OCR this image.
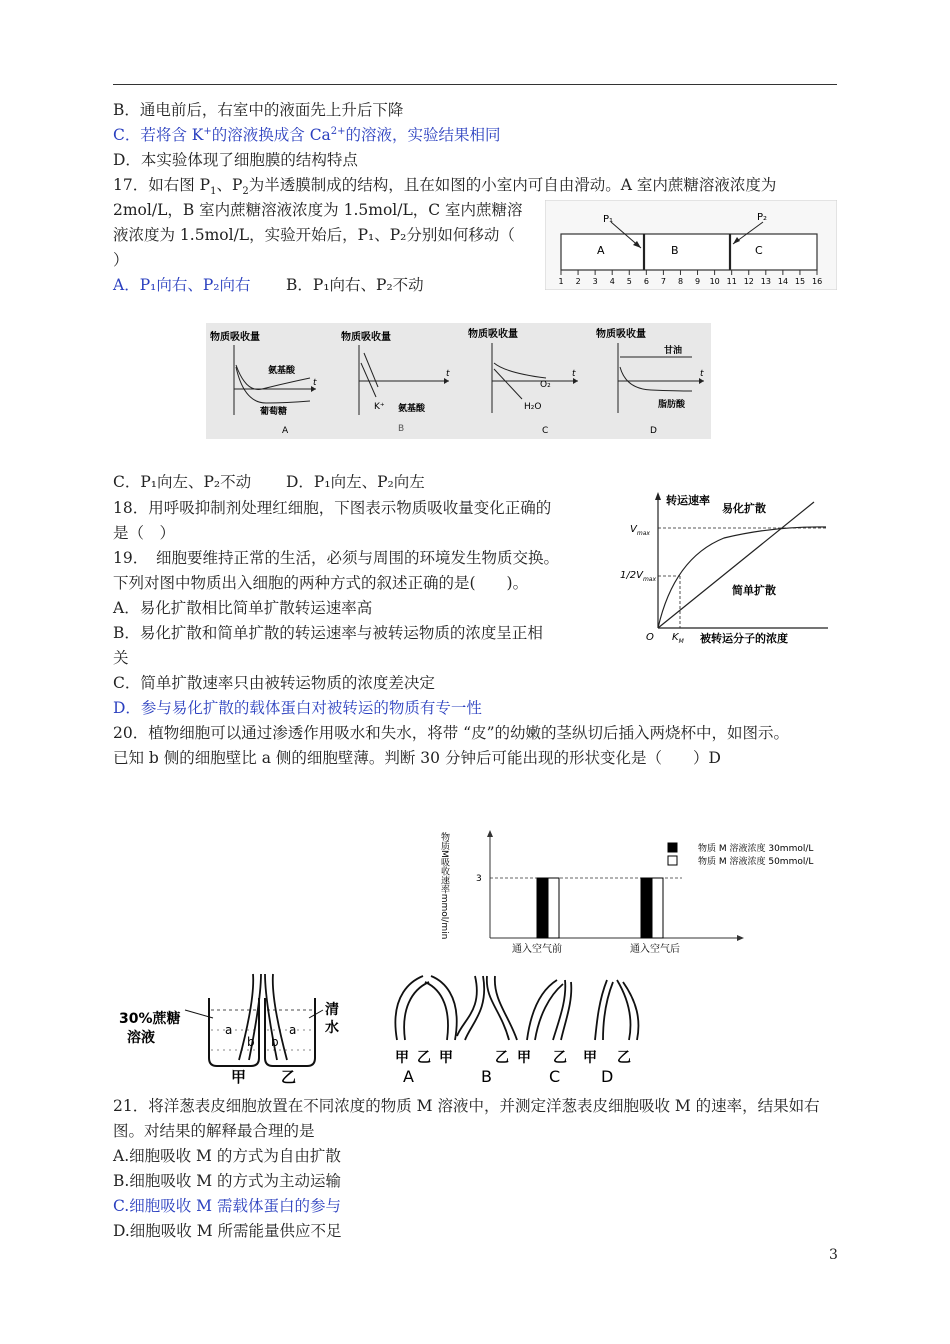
B．通电前后，右室中的液面先上升后下降
C．若将含 K+的溶液换成含 $Ca^{2+}$的溶液，实验结果相同
D．本实验体现了细胞膜的结构特点
17．如右图 $P_1$、$P_2$为半透膜制成的结构，且在如图的小室内可自由滑动。A 室内蔗糖溶液浓度为
2mol/L，B 室内蔗糖溶液浓度为 1.5mol/L，C 室内蔗糖溶
液浓度为 1.5mol/L，实验开始后，P₁、P₂分别如何移动（
）
A．P₁向右、P₂向右 B．P₁向右、P₂不动
P₁	P₂
A	B	C
1 2 3 4 5 6 7 8 9 10 11 12 13 14 15 16
物质吸收量
t
氨基酸
葡萄糖
A
物质吸收量
t
K⁺ 氨基酸
B
物质吸收量
t
O₂
H₂O
C
物质吸收量
t
甘油
脂肪酸
D
C．P₁向左、P₂不动 D．P₁向左、P₂向左
18．用呼吸抑制剂处理红细胞，下图表示物质吸收量变化正确的
是（　）
19．　细胞要维持正常的生活，必须与周围的环境发生物质交换。
下列对图中物质出入细胞的两种方式的叙述正确的是(　　)。
A．易化扩散相比简单扩散转运速率高
B．易化扩散和简单扩散的转运速率与被转运物质的浓度呈正相
关
C．简单扩散速率只由被转运物质的浓度差决定
D．参与易化扩散的载体蛋白对被转运的物质有专一性
转运速率
$V_{max}$
$1/2V_{max}$
易化扩散
简单扩散
O $K_M$ 被转运分子的浓度
20．植物细胞可以通过渗透作用吸水和失水，将带 “皮”的幼嫩的茎纵切后插入两烧杯中，如图示。
已知 b 侧的细胞壁比 a 侧的细胞壁薄。判断 30 分钟后可能出现的形状变化是（　　）D
物质M吸收速率mmol/min	3
通入空气前	通入空气后
物质 M 溶液浓度 30mmol/L
物质 M 溶液浓度 50mmol/L
30%蔗糖
溶液
清
水
a
b b
a
甲 乙
甲 乙 甲	乙 甲 乙 甲 乙
A	B	C	D
21．将洋葱表皮细胞放置在不同浓度的物质 M 溶液中，并测定洋葱表皮细胞吸收 M 的速率，结果如右
图。对结果的解释最合理的是
A.细胞吸收 M 的方式为自由扩散
B.细胞吸收 M 的方式为主动运输
C.细胞吸收 M 需载体蛋白的参与
D.细胞吸收 M 所需能量供应不足
3
